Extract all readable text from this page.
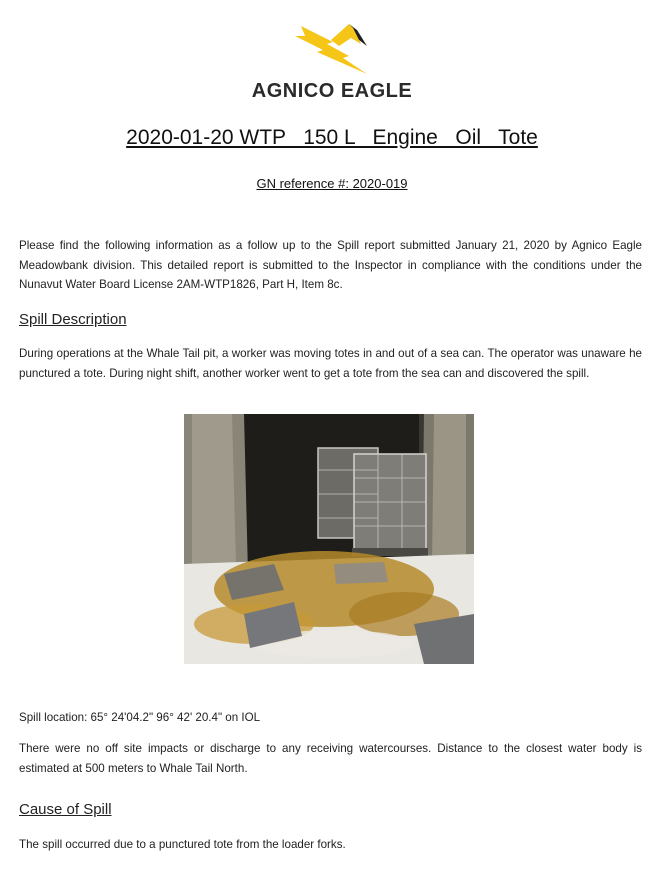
AGNICO EAGLE
2020-01-20 WTP   150 L   Engine   Oil   Tote
GN reference #: 2020-019

Please find the following information as a follow up to the Spill report submitted January 21, 2020 by Agnico Eagle Meadowbank division. This detailed report is submitted to the Inspector in compliance with the conditions under the Nunavut Water Board License 2AM-WTP1826, Part H, Item 8c.

Spill Description

During operations at the Whale Tail pit, a worker was moving totes in and out of a sea can. The operator was unaware he punctured a tote. During night shift, another worker went to get a tote from the sea can and discovered the spill.

Spill location: 65° 24'04.2" 96° 42' 20.4" on IOL

There were no off site impacts or discharge to any receiving watercourses. Distance to the closest water body is estimated at 500 meters to Whale Tail North.

Cause of Spill

The spill occurred due to a punctured tote from the loader forks.
